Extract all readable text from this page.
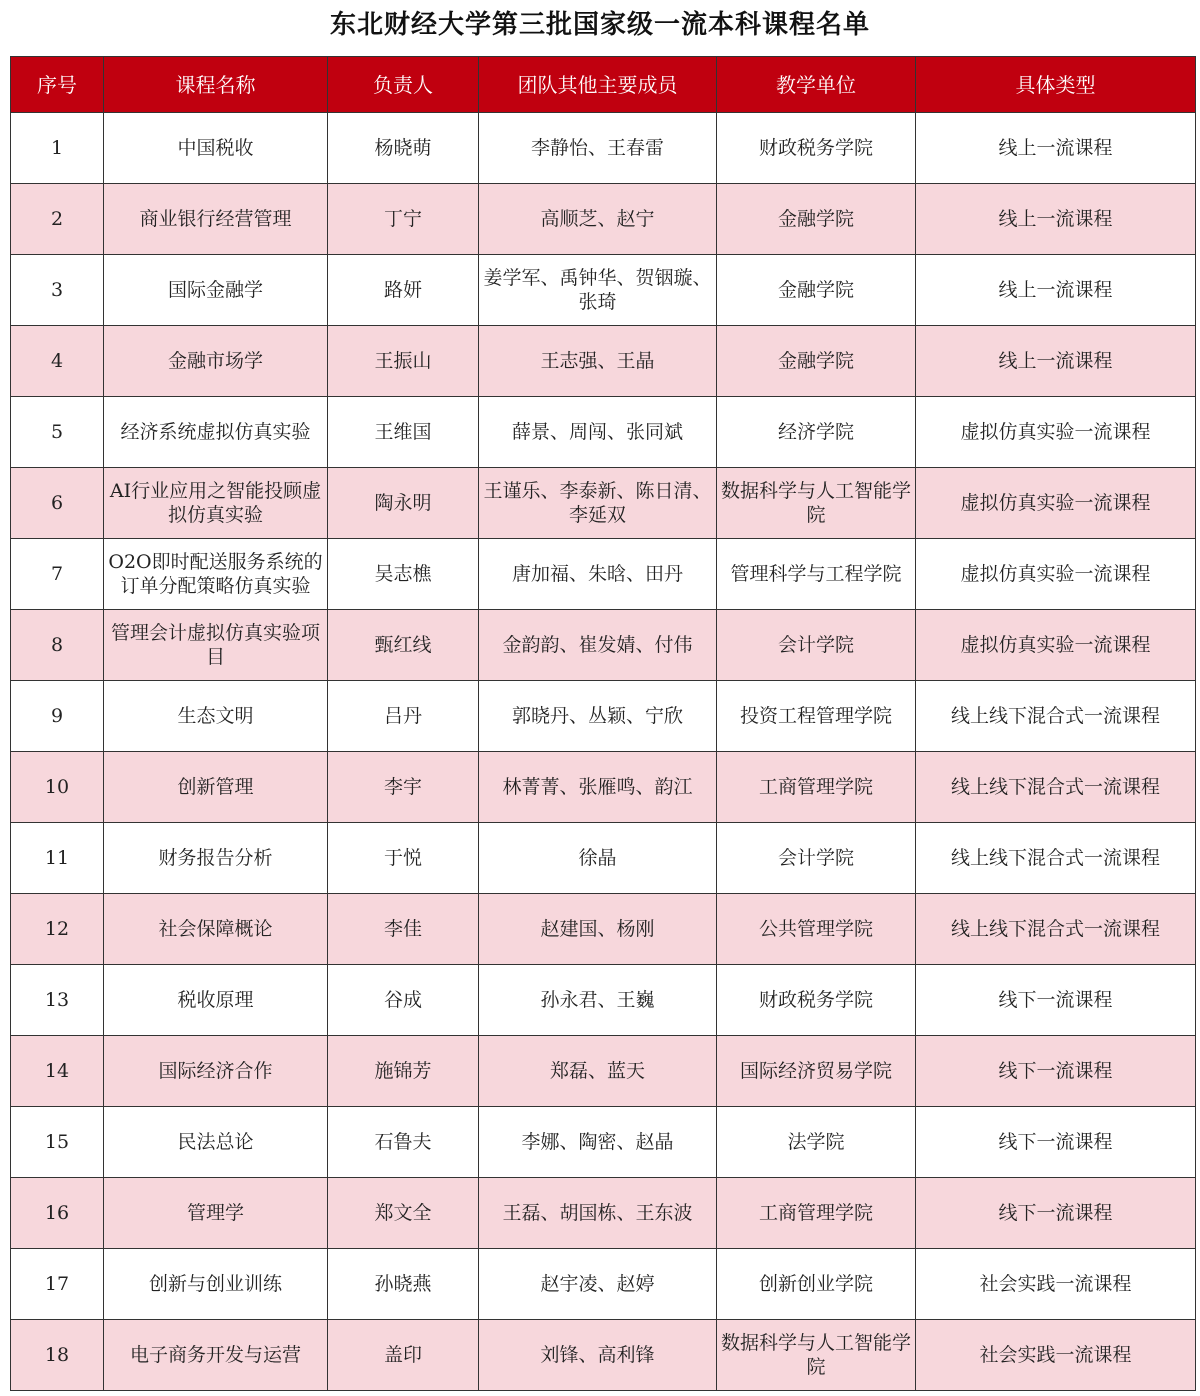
东北财经大学第三批国家级一流本科课程名单
序号	课程名称	负责人	团队其他主要成员	教学单位	具体类型
1	中国税收	杨晓萌	李静怡、王春雷	财政税务学院	线上一流课程
2	商业银行经营管理	丁宁	高顺芝、赵宁	金融学院	线上一流课程
3	国际金融学	路妍	姜学军、禹钟华、贺铟璇、张琦	金融学院	线上一流课程
4	金融市场学	王振山	王志强、王晶	金融学院	线上一流课程
5	经济系统虚拟仿真实验	王维国	薛景、周闯、张同斌	经济学院	虚拟仿真实验一流课程
6	AI行业应用之智能投顾虚拟仿真实验	陶永明	王谨乐、李泰新、陈日清、李延双	数据科学与人工智能学院	虚拟仿真实验一流课程
7	O2O即时配送服务系统的订单分配策略仿真实验	吴志樵	唐加福、朱晗、田丹	管理科学与工程学院	虚拟仿真实验一流课程
8	管理会计虚拟仿真实验项目	甄红线	金韵韵、崔发婧、付伟	会计学院	虚拟仿真实验一流课程
9	生态文明	吕丹	郭晓丹、丛颖、宁欣	投资工程管理学院	线上线下混合式一流课程
10	创新管理	李宇	林菁菁、张雁鸣、韵江	工商管理学院	线上线下混合式一流课程
11	财务报告分析	于悦	徐晶	会计学院	线上线下混合式一流课程
12	社会保障概论	李佳	赵建国、杨刚	公共管理学院	线上线下混合式一流课程
13	税收原理	谷成	孙永君、王巍	财政税务学院	线下一流课程
14	国际经济合作	施锦芳	郑磊、蓝天	国际经济贸易学院	线下一流课程
15	民法总论	石鲁夫	李娜、陶密、赵晶	法学院	线下一流课程
16	管理学	郑文全	王磊、胡国栋、王东波	工商管理学院	线下一流课程
17	创新与创业训练	孙晓燕	赵宇凌、赵婷	创新创业学院	社会实践一流课程
18	电子商务开发与运营	盖印	刘锋、高利锋	数据科学与人工智能学院	社会实践一流课程
